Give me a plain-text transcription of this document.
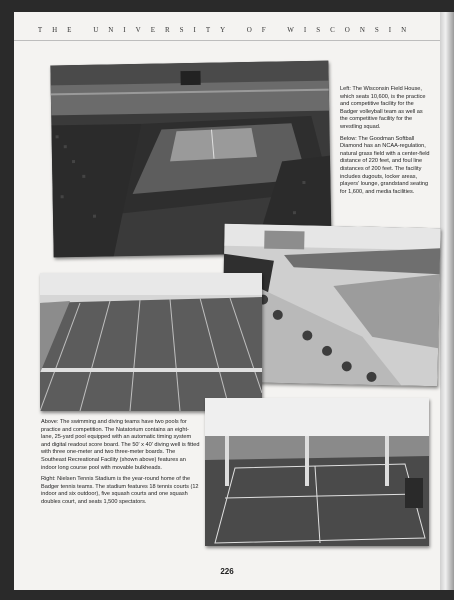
THE UNIVERSITY OF WISCONSIN

Left: The Wisconsin Field House, which seats 10,600, is the practice and competitive facility for the Badger volleyball team as well as the competitive facility for the wrestling squad.

Below: The Goodman Softball Diamond has an NCAA-regulation, natural grass field with a center-field distance of 220 feet, and foul line distances of 200 feet. The facility includes dugouts, locker areas, players' lounge, grandstand seating for 1,600, and media facilities.

Above: The swimming and diving teams have two pools for practice and competition. The Natatorium contains an eight-lane, 25-yard pool equipped with an automatic timing system and digital readout score board. The 50' x 40' diving well is fitted with three one-meter and two three-meter boards. The Southeast Recreational Facility (shown above) features an indoor long course pool with movable bulkheads.

Right: Nielsen Tennis Stadium is the year-round home of the Badger tennis teams. The stadium features 18 tennis courts (12 indoor and six outdoor), five squash courts and one squash doubles court, and seats 1,500 spectators.

226
